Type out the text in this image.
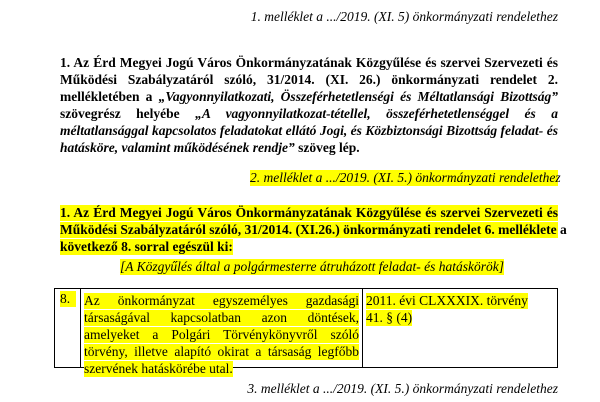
1. melléklet a .../2019. (XI. 5) önkormányzati rendelethez
1. Az Érd Megyei Jogú Város Önkormányzatának Közgyűlése és szervei Szervezeti és
Működési Szabályzatáról szóló, 31/2014. (XI. 26.) önkormányzati rendelet 2.
mellékletében a „Vagyonnyilatkozati, Összeférhetetlenségi és Méltatlansági Bizottság”
szövegrész helyébe „A vagyonnyilatkozat-tétellel, összeférhetetlenséggel és a
méltatlansággal kapcsolatos feladatokat ellátó Jogi, és Közbiztonsági Bizottság feladat- és
hatásköre, valamint működésének rendje” szöveg lép.
2. melléklet a .../2019. (XI. 5.) önkormányzati rendelethez
1. Az Érd Megyei Jogú Város Önkormányzatának Közgyűlése és szervei Szervezeti és
Működési Szabályzatáról szóló, 31/2014. (XI.26.) önkormányzati rendelet 6. melléklete a
következő 8. sorral egészül ki:
[A Közgyűlés által a polgármesterre átruházott feladat- és hatáskörök]
8.	Az önkormányzat egyszemélyes gazdasági
társaságával kapcsolatban azon döntések,
amelyeket a Polgári Törvénykönyvről szóló
törvény, illetve alapító okirat a társaság legfőbb
szervének hatáskörébe utal.
2011. évi CLXXXIX. törvény
41. § (4)
3. melléklet a .../2019. (XI. 5.) önkormányzati rendelethez
